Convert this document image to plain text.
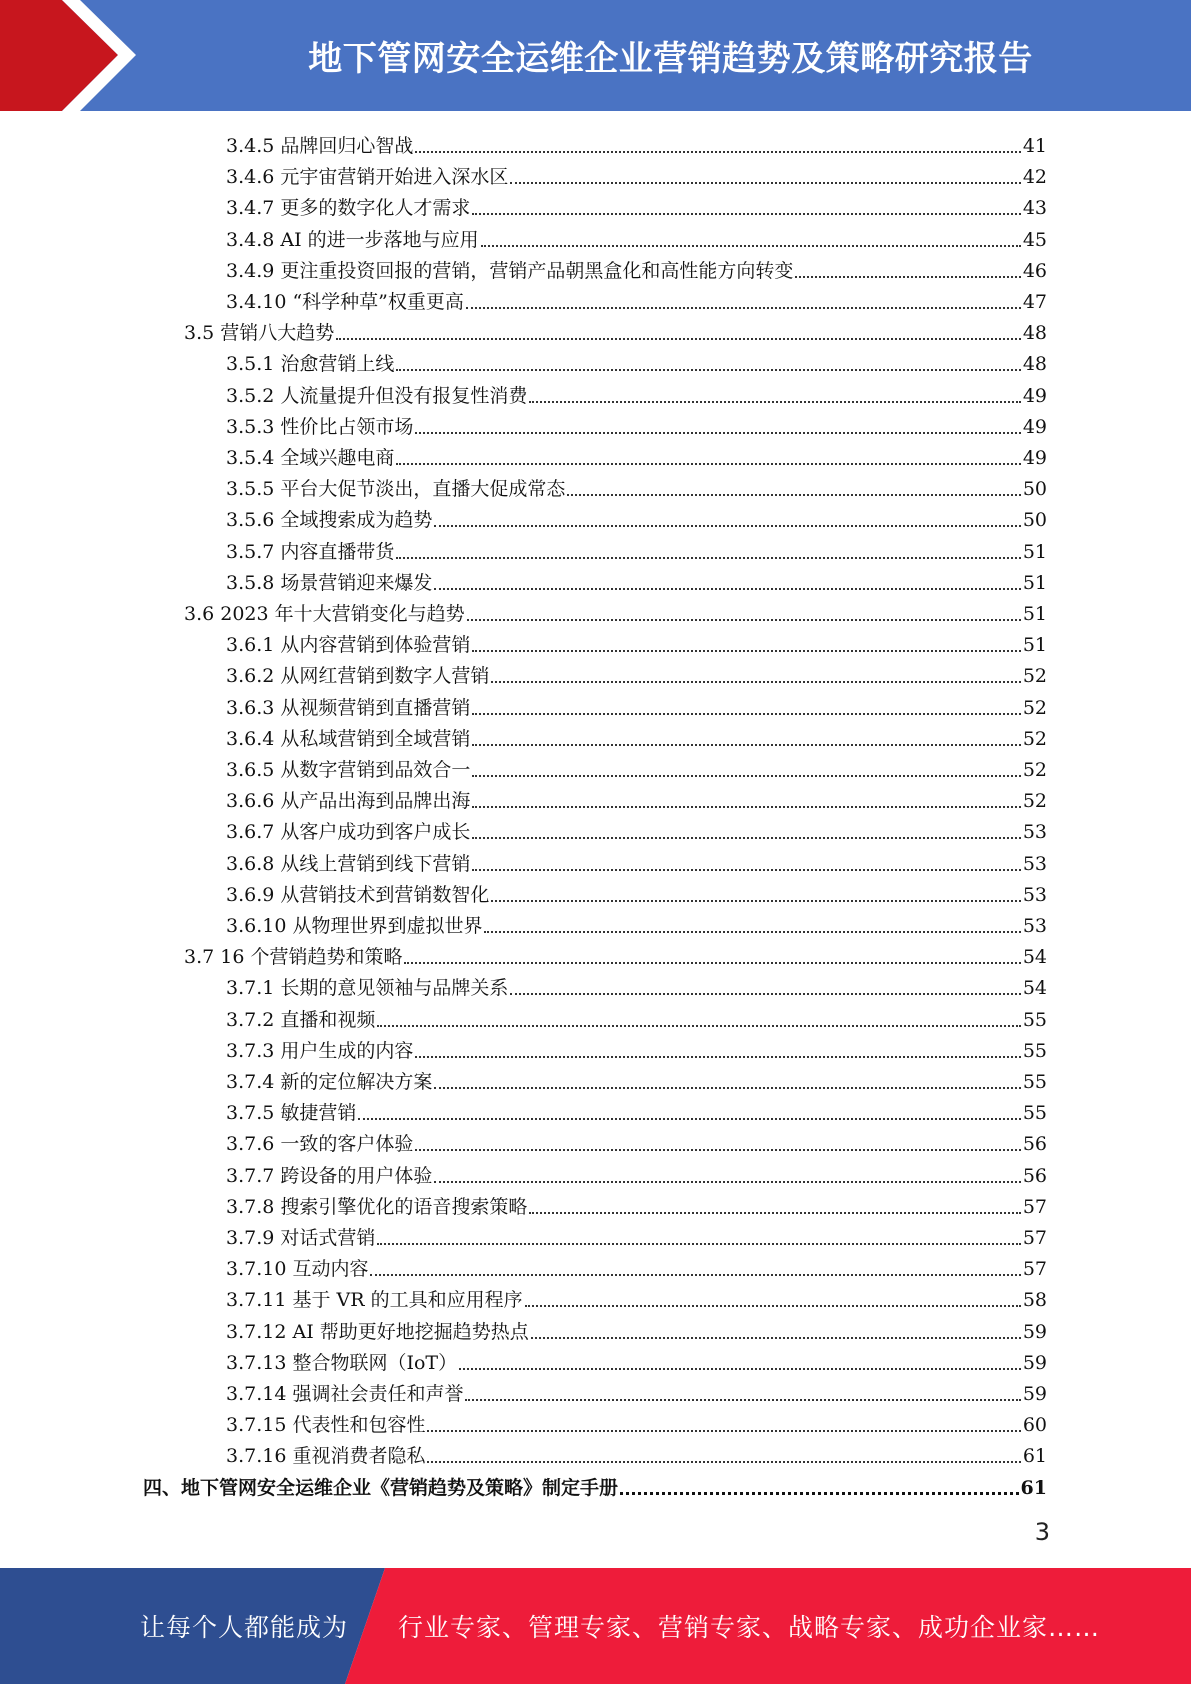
地下管网安全运维企业营销趋势及策略研究报告
3.4.5 品牌回归心智战	41
3.4.6 元宇宙营销开始进入深水区	42
3.4.7 更多的数字化人才需求	43
3.4.8 AI 的进一步落地与应用	45
3.4.9 更注重投资回报的营销，营销产品朝黑盒化和高性能方向转变	46
3.4.10 “科学种草”权重更高	47
3.5 营销八大趋势	48
3.5.1 治愈营销上线	48
3.5.2 人流量提升但没有报复性消费	49
3.5.3 性价比占领市场	49
3.5.4 全域兴趣电商	49
3.5.5 平台大促节淡出，直播大促成常态	50
3.5.6 全域搜索成为趋势	50
3.5.7 内容直播带货	51
3.5.8 场景营销迎来爆发	51
3.6 2023 年十大营销变化与趋势	51
3.6.1 从内容营销到体验营销	51
3.6.2 从网红营销到数字人营销	52
3.6.3 从视频营销到直播营销	52
3.6.4 从私域营销到全域营销	52
3.6.5 从数字营销到品效合一	52
3.6.6 从产品出海到品牌出海	52
3.6.7 从客户成功到客户成长	53
3.6.8 从线上营销到线下营销	53
3.6.9 从营销技术到营销数智化	53
3.6.10 从物理世界到虚拟世界	53
3.7 16 个营销趋势和策略	54
3.7.1 长期的意见领袖与品牌关系	54
3.7.2 直播和视频	55
3.7.3 用户生成的内容	55
3.7.4 新的定位解决方案	55
3.7.5 敏捷营销	55
3.7.6 一致的客户体验	56
3.7.7 跨设备的用户体验	56
3.7.8 搜索引擎优化的语音搜索策略	57
3.7.9 对话式营销	57
3.7.10 互动内容	57
3.7.11 基于 VR 的工具和应用程序	58
3.7.12 AI 帮助更好地挖掘趋势热点	59
3.7.13 整合物联网（IoT）	59
3.7.14 强调社会责任和声誉	59
3.7.15 代表性和包容性	60
3.7.16 重视消费者隐私	61
四、地下管网安全运维企业《营销趋势及策略》制定手册	61
3
让每个人都能成为 行业专家、管理专家、营销专家、战略专家、成功企业家……
